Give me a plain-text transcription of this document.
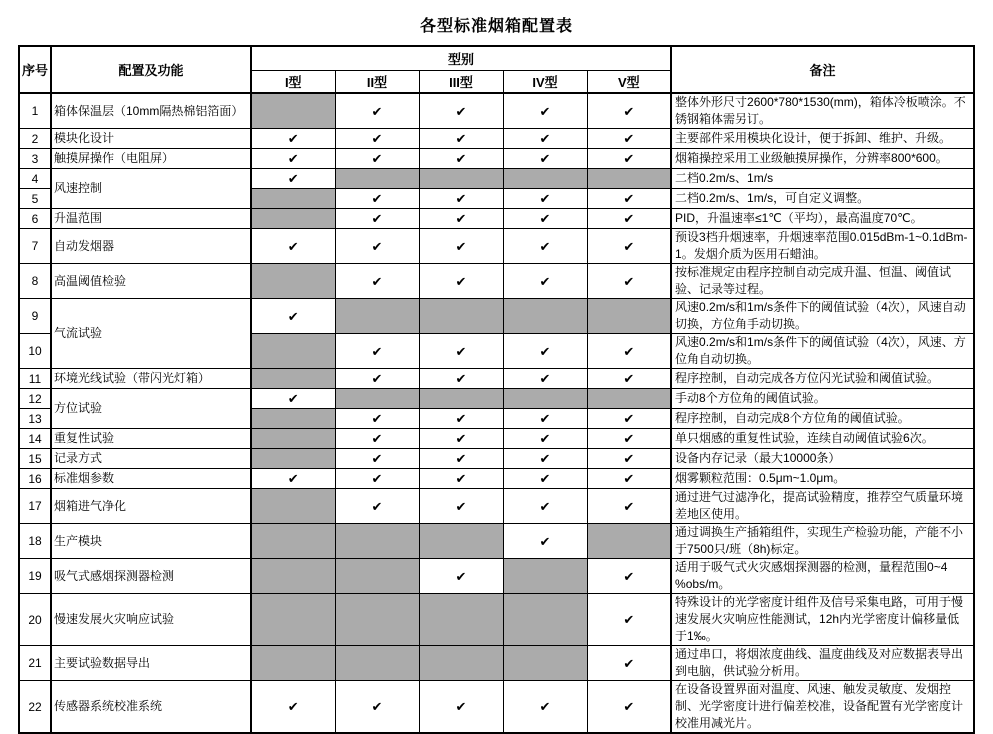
各型标准烟箱配置表
序号	配置及功能	型别					备注
		I型	II型	III型	IV型	V型	
1	箱体保温层（10mm隔热棉铝箔面）		✔	✔	✔	✔	整体外形尺寸2600*780*1530(mm)，箱体冷板喷涂。不锈钢箱体需另订。
2	模块化设计	✔	✔	✔	✔	✔	主要部件采用模块化设计，便于拆卸、维护、升级。
3	触摸屏操作（电阻屏）	✔	✔	✔	✔	✔	烟箱操控采用工业级触摸屏操作，分辨率800*600。
4	风速控制	✔					二档0.2m/s、1m/s
5			✔	✔	✔	✔	二档0.2m/s、1m/s，可自定义调整。
6	升温范围		✔	✔	✔	✔	PID，升温速率≤1℃（平均），最高温度70℃。
7	自动发烟器	✔	✔	✔	✔	✔	预设3档升烟速率，升烟速率范围0.015dBm-1~0.1dBm-1。发烟介质为医用石蜡油。
8	高温阈值检验		✔	✔	✔	✔	按标准规定由程序控制自动完成升温、恒温、阈值试验、记录等过程。
9	气流试验	✔					风速0.2m/s和1m/s条件下的阈值试验（4次），风速自动切换，方位角手动切换。
10			✔	✔	✔	✔	风速0.2m/s和1m/s条件下的阈值试验（4次），风速、方位角自动切换。
11	环境光线试验（带闪光灯箱）		✔	✔	✔	✔	程序控制，自动完成各方位闪光试验和阈值试验。
12	方位试验	✔					手动8个方位角的阈值试验。
13			✔	✔	✔	✔	程序控制，自动完成8个方位角的阈值试验。
14	重复性试验		✔	✔	✔	✔	单只烟感的重复性试验，连续自动阈值试验6次。
15	记录方式		✔	✔	✔	✔	设备内存记录（最大10000条）
16	标准烟参数	✔	✔	✔	✔	✔	烟雾颗粒范围：0.5μm~1.0μm。
17	烟箱进气净化		✔	✔	✔	✔	通过进气过滤净化，提高试验精度，推荐空气质量环境差地区使用。
18	生产模块				✔		通过调换生产插箱组件，实现生产检验功能，产能不小于7500只/班（8h)标定。
19	吸气式感烟探测器检测			✔		✔	适用于吸气式火灾感烟探测器的检测，量程范围0~4 %obs/m。
20	慢速发展火灾响应试验					✔	特殊设计的光学密度计组件及信号采集电路，可用于慢速发展火灾响应性能测试，12h内光学密度计偏移量低于1‰。
21	主要试验数据导出					✔	通过串口，将烟浓度曲线、温度曲线及对应数据表导出到电脑，供试验分析用。
22	传感器系统校准系统	✔	✔	✔	✔	✔	在设备设置界面对温度、风速、触发灵敏度、发烟控制、光学密度计进行偏差校准，设备配置有光学密度计校准用减光片。
